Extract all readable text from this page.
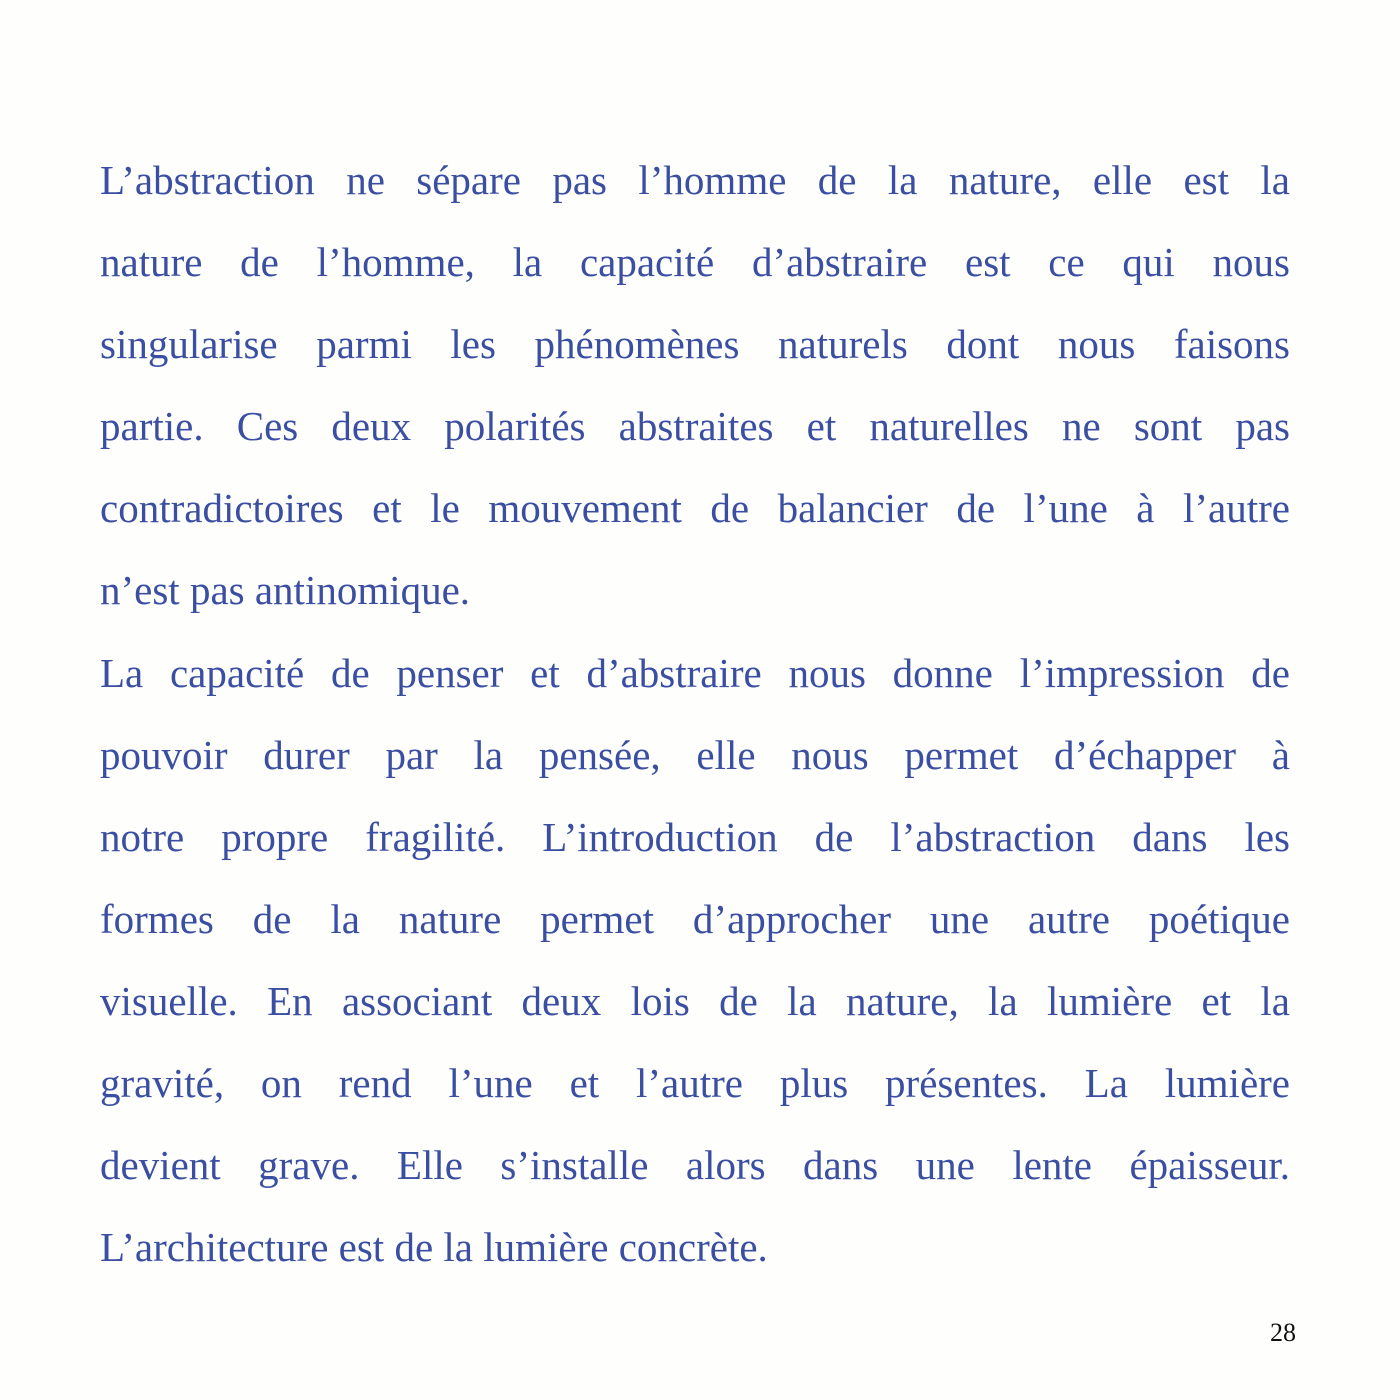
L’abstraction ne sépare pas l’homme de la nature, elle est la
nature de l’homme, la capacité d’abstraire est ce qui nous
singularise parmi les phénomènes naturels dont nous faisons
partie. Ces deux polarités abstraites et naturelles ne sont pas
contradictoires et le mouvement de balancier de l’une à l’autre
n’est pas antinomique.
La capacité de penser et d’abstraire nous donne l’impression de
pouvoir durer par la pensée, elle nous permet d’échapper à
notre propre fragilité. L’introduction de l’abstraction dans les
formes de la nature permet d’approcher une autre poétique
visuelle. En associant deux lois de la nature, la lumière et la
gravité, on rend l’une et l’autre plus présentes. La lumière
devient grave. Elle s’installe alors dans une lente épaisseur.
L’architecture est de la lumière concrète.
28
